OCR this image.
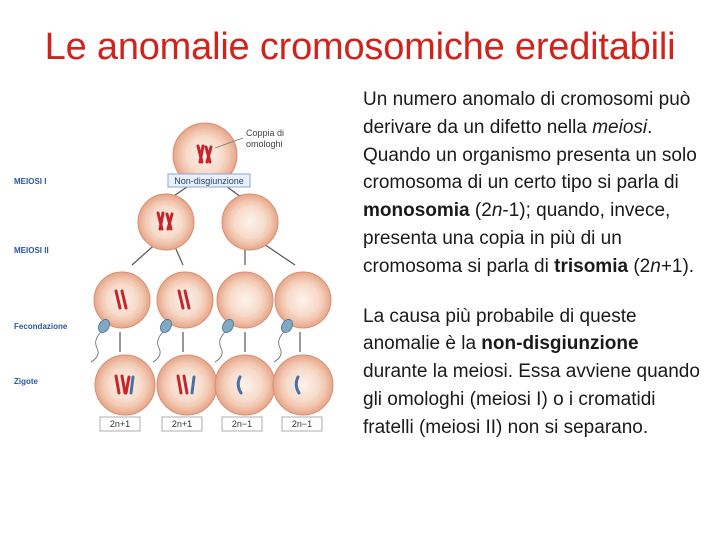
Le anomalie cromosomiche ereditabili
Non-disgiunzione
Coppia di
omologhi
2n+1	2n+1	2n−1	2n−1
MEIOSI I
MEIOSI II
Fecondazione
Zigote

Un numero anomalo di cromosomi può derivare da un difetto nella meiosi. Quando un organismo presenta un solo cromosoma di un certo tipo si parla di monosomia (2n-1); quando, invece, presenta una copia in più di un cromosoma si parla di trisomia (2n+1).

La causa più probabile di queste anomalie è la non-disgiunzione durante la meiosi. Essa avviene quando gli omologhi (meiosi I) o i cromatidi fratelli (meiosi II) non si separano.
